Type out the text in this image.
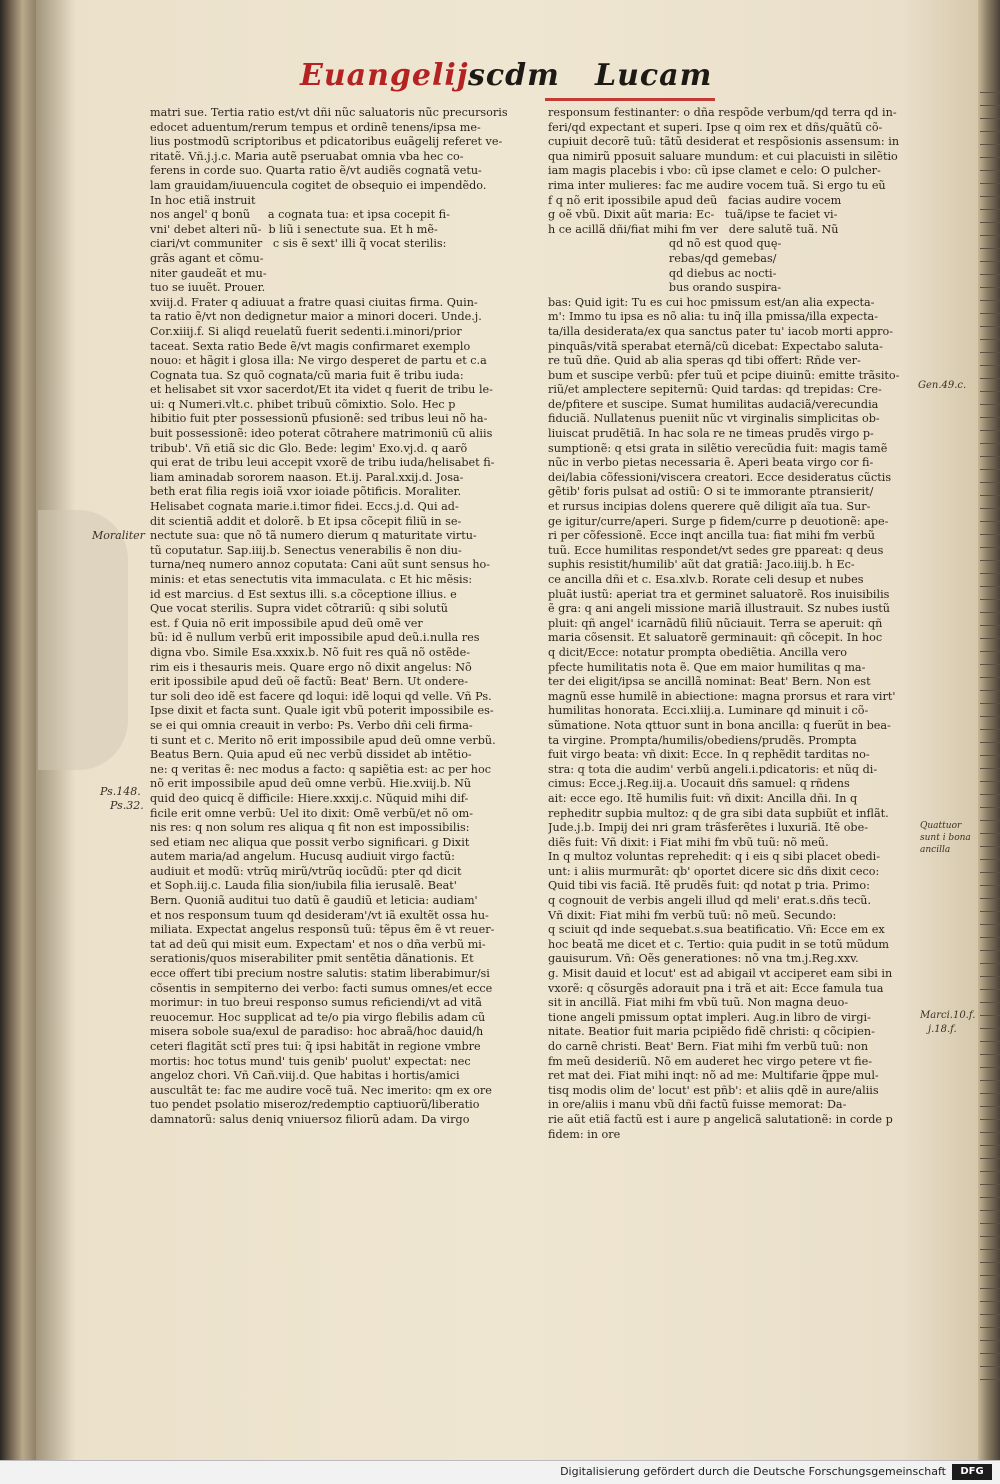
Euangelij scdm Lucam
matri sue. Tertia ratio est/vt dñi nũc saluatoris nũc precursoris
edocet aduentum/rerum tempus et ordinẽ tenens/ipsa me-
lius postmodũ scriptoribus et pdicatoribus euãgelij referet ve-
ritatẽ. Vñ.j.j.c. Maria autẽ pseruabat omnia vba hec co-
ferens in corde suo. Quarta ratio ẽ/vt audiẽs cognatã vetu-
lam grauidam/iuuencula cogitet de obsequio ei impendẽdo.
In hoc etiã instruit
nos angel' q bonũ     a cognata tua: et ipsa cocepit fi-
vni' debet alteri nũ-  b liũ i senectute sua. Et h mẽ-
ciari/vt communiter   c sis ẽ sext' illi q̃ vocat sterilis:
grãs agant et cõmu-
niter gaudeãt et mu-
tuo se iuuẽt. Prouer.
xviij.d. Frater q adiuuat a fratre quasi ciuitas firma. Quin-
ta ratio ẽ/vt non dedignetur maior a minori doceri. Unde.j.
Cor.xiiij.f. Si aliqd reuelatũ fuerit sedenti.i.minori/prior
taceat. Sexta ratio Bede ẽ/vt magis confirmaret exemplo
nouo: et hãgit i glosa illa: Ne virgo desperet de partu et c.a
Cognata tua. Sz quõ cognata/cũ maria fuit ẽ tribu iuda:
et helisabet sit vxor sacerdot/Et ita videt q fuerit de tribu le-
ui: q Numeri.vlt.c. phibet tribuũ cõmixtio. Solo. Hec p
hibitio fuit pter possessionũ pfusionẽ: sed tribus leui nõ ha-
buit possessionẽ: ideo poterat cõtrahere matrimoniũ cũ aliis
tribub'. Vñ etiã sic dic Glo. Bede: legim' Exo.vj.d. q aarõ
qui erat de tribu leui accepit vxorẽ de tribu iuda/helisabet fi-
liam aminadab sororem naason. Et.ij. Paral.xxij.d. Josa-
beth erat filia regis ioiã vxor ioiade põtificis. Moraliter.
Helisabet cognata marie.i.timor fidei. Eccs.j.d. Qui ad-
dit scientiã addit et dolorẽ. b Et ipsa cõcepit filiũ in se-
nectute sua: que nõ tã numero dierum q maturitate virtu-
tũ coputatur. Sap.iiij.b. Senectus venerabilis ẽ non diu-
turna/neq numero annoz coputata: Cani aũt sunt sensus ho-
minis: et etas senectutis vita immaculata. c Et hic mẽsis:
id est marcius. d Est sextus illi. s.a cõceptione illius. e
Que vocat sterilis. Supra videt cõtrariũ: q sibi solutũ
est. f Quia nõ erit impossibile apud deũ omẽ ver
bũ: id ẽ nullum verbũ erit impossibile apud deũ.i.nulla res
digna vbo. Simile Esa.xxxix.b. Nõ fuit res quã nõ ostẽde-
rim eis i thesauris meis. Quare ergo nõ dixit angelus: Nõ
erit ipossibile apud deũ oẽ factũ: Beat' Bern. Ut ondere-
tur soli deo idẽ est facere qd loqui: idẽ loqui qd velle. Vñ Ps.
Ipse dixit et facta sunt. Quale igit vbũ poterit impossibile es-
se ei qui omnia creauit in verbo: Ps. Verbo dñi celi firma-
ti sunt et c. Merito nõ erit impossibile apud deũ omne verbũ.
Beatus Bern. Quia apud eũ nec verbũ dissidet ab intẽtio-
ne: q veritas ẽ: nec modus a facto: q sapiẽtia est: ac per hoc
nõ erit impossibile apud deũ omne verbũ. Hie.xviij.b. Nũ
quid deo quicq ẽ difficile: Hiere.xxxij.c. Nũquid mihi dif-
ficile erit omne verbũ: Uel ito dixit: Omẽ verbũ/et nõ om-
nis res: q non solum res aliqua q fit non est impossibilis:
sed etiam nec aliqua que possit verbo significari. g Dixit
autem maria/ad angelum. Hucusq audiuit virgo factũ:
audiuit et modũ: vtrũq mirũ/vtrũq iocũdũ: pter qd dicit
et Soph.iij.c. Lauda filia sion/iubila filia ierusalẽ. Beat'
Bern. Quoniã auditui tuo datũ ẽ gaudiũ et leticia: audiam'
et nos responsum tuum qd desideram'/vt iã exultẽt ossa hu-
miliata. Expectat angelus responsũ tuũ: tẽpus ẽm ẽ vt reuer-
tat ad deũ qui misit eum. Expectam' et nos o dña verbũ mi-
serationis/quos miserabiliter pmit sentẽtia dãnationis. Et
ecce offert tibi precium nostre salutis: statim liberabimur/si
cõsentis in sempiterno dei verbo: facti sumus omnes/et ecce
morimur: in tuo breui responso sumus reficiendi/vt ad vitã
reuocemur. Hoc supplicat ad te/o pia virgo flebilis adam cũ
misera sobole sua/exul de paradiso: hoc abraã/hoc dauid/h
ceteri flagitãt sctĩ pres tui: q̃ ipsi habitãt in regione vmbre
mortis: hoc totus mund' tuis genib' puolut' expectat: nec
angeloz chori. Vñ Cañ.viij.d. Que habitas i hortis/amici
auscultãt te: fac me audire vocẽ tuã. Nec imerito: qm ex ore
tuo pendet psolatio miseroz/redemptio captiuorũ/liberatio
damnatorũ: salus deniq vniuersoz filiorũ adam. Da virgo
responsum festinanter: o dña respõde verbum/qd terra qd in-
feri/qd expectant et superi. Ipse q oim rex et dñs/quãtũ cõ-
cupiuit decorẽ tuũ: tãtũ desiderat et respõsionis assensum: in
qua nimirũ pposuit saluare mundum: et cui placuisti in silẽtio
iam magis placebis i vbo: cũ ipse clamet e celo: O pulcher-
rima inter mulieres: fac me audire vocem tuã. Si ergo tu eũ
f q nõ erit ipossibile apud deũ   facias audire vocem
g oẽ vbũ. Dixit aũt maria: Ec-   tuã/ipse te faciet vi-
h ce acillã dñi/fiat mihi fm ver   dere salutẽ tuã. Nũ
qd nõ est quod quę-
rebas/qd gemebas/
qd diebus ac nocti-
bus orando suspira-
bas: Quid igit: Tu es cui hoc pmissum est/an alia expecta-
m': Immo tu ipsa es nõ alia: tu inq̃ illa pmissa/illa expecta-
ta/illa desiderata/ex qua sanctus pater tu' iacob morti appro-
pinquãs/vitã sperabat eternã/cũ dicebat: Expectabo saluta-
re tuũ dñe. Quid ab alia speras qd tibi offert: Rñde ver-
bum et suscipe verbũ: pfer tuũ et pcipe diuinũ: emitte trãsito-
riũ/et amplectere sepiternũ: Quid tardas: qd trepidas: Cre-
de/pfitere et suscipe. Sumat humilitas audaciã/verecundia
fiduciã. Nullatenus pueniit nũc vt virginalis simplicitas ob-
liuiscat prudẽtiã. In hac sola re ne timeas prudẽs virgo p-
sumptionẽ: q etsi grata in silẽtio verecũdia fuit: magis tamẽ
nũc in verbo pietas necessaria ẽ. Aperi beata virgo cor fi-
dei/labia cõfessioni/viscera creatori. Ecce desideratus cũctis
gẽtib' foris pulsat ad ostiũ: O si te immorante ptransierit/
et rursus incipias dolens querere quẽ diligit aĩa tua. Sur-
ge igitur/curre/aperi. Surge p fidem/curre p deuotionẽ: ape-
ri per cõfessionẽ. Ecce inqt ancilla tua: fiat mihi fm verbũ
tuũ. Ecce humilitas respondet/vt sedes gre ppareat: q deus
suphis resistit/humilib' aũt dat gratiã: Jaco.iiij.b. h Ec-
ce ancilla dñi et c. Esa.xlv.b. Rorate celi desup et nubes
pluãt iustũ: aperiat tra et germinet saluatorẽ. Ros inuisibilis
ẽ gra: q ani angeli missione mariã illustrauit. Sz nubes iustũ
pluit: qñ angel' icarnãdũ filiũ nũciauit. Terra se aperuit: qñ
maria cõsensit. Et saluatorẽ germinauit: qñ cõcepit. In hoc
q dicit/Ecce: notatur prompta obediẽtia. Ancilla vero
pfecte humilitatis nota ẽ. Que em maior humilitas q ma-
ter dei eligit/ipsa se ancillã nominat: Beat' Bern. Non est
magnũ esse humilẽ in abiectione: magna prorsus et rara virt'
humilitas honorata. Ecci.xliij.a. Luminare qd minuit i cõ-
sũmatione. Nota qttuor sunt in bona ancilla: q fuerũt in bea-
ta virgine. Prompta/humilis/obediens/prudẽs. Prompta
fuit virgo beata: vñ dixit: Ecce. In q rephẽdit tarditas no-
stra: q tota die audim' verbũ angeli.i.pdicatoris: et nũq di-
cimus: Ecce.j.Reg.iij.a. Uocauit dñs samuel: q rñdens
ait: ecce ego. Itẽ humilis fuit: vñ dixit: Ancilla dñi. In q
repheditr supbia multoz: q de gra sibi data supbiũt et inflãt.
Jude.j.b. Impij dei nri gram trãsferẽtes i luxuriã. Itẽ obe-
diẽs fuit: Vñ dixit: i Fiat mihi fm vbũ tuũ: nõ meũ.
In q multoz voluntas reprehedit: q i eis q sibi placet obedi-
unt: i aliis murmurãt: qb' oportet dicere sic dñs dixit ceco:
Quid tibi vis faciã. Itẽ prudẽs fuit: qd notat p tria. Primo:
q cognouit de verbis angeli illud qd meli' erat.s.dñs tecũ.
Vñ dixit: Fiat mihi fm verbũ tuũ: nõ meũ. Secundo:
q sciuit qd inde sequebat.s.sua beatificatio. Vñ: Ecce em ex
hoc beatã me dicet et c. Tertio: quia pudit in se totũ mũdum
gauisurum. Vñ: Oẽs generationes: nõ vna tm.j.Reg.xxv.
g. Misit dauid et locut' est ad abigail vt acciperet eam sibi in
vxorẽ: q cõsurgẽs adorauit pna i trã et ait: Ecce famula tua
sit in ancillã. Fiat mihi fm vbũ tuũ. Non magna deuo-
tione angeli pmissum optat impleri. Aug.in libro de virgi-
nitate. Beatior fuit maria pcipiẽdo fidẽ christi: q cõcipien-
do carnẽ christi. Beat' Bern. Fiat mihi fm verbũ tuũ: non
fm meũ desideriũ. Nõ em auderet hec virgo petere vt fie-
ret mat dei. Fiat mihi inqt: nõ ad me: Multifarie q̃ppe mul-
tisq modis olim de' locut' est pñb': et aliis qdẽ in aure/aliis
in ore/aliis i manu vbũ dñi factũ fuisse memorat: Da-
rie aũt etiã factũ est i aure p angelicã salutationẽ: in corde p
fidem: in ore
Moraliter
Ps.148.
Ps.32.
Gen.49.c.
Quattuor sunt i bona ancilla
Marci.10.f.
j.18.f.
Digitalisierung gefördert durch die Deutsche Forschungsgemeinschaft	DFG
